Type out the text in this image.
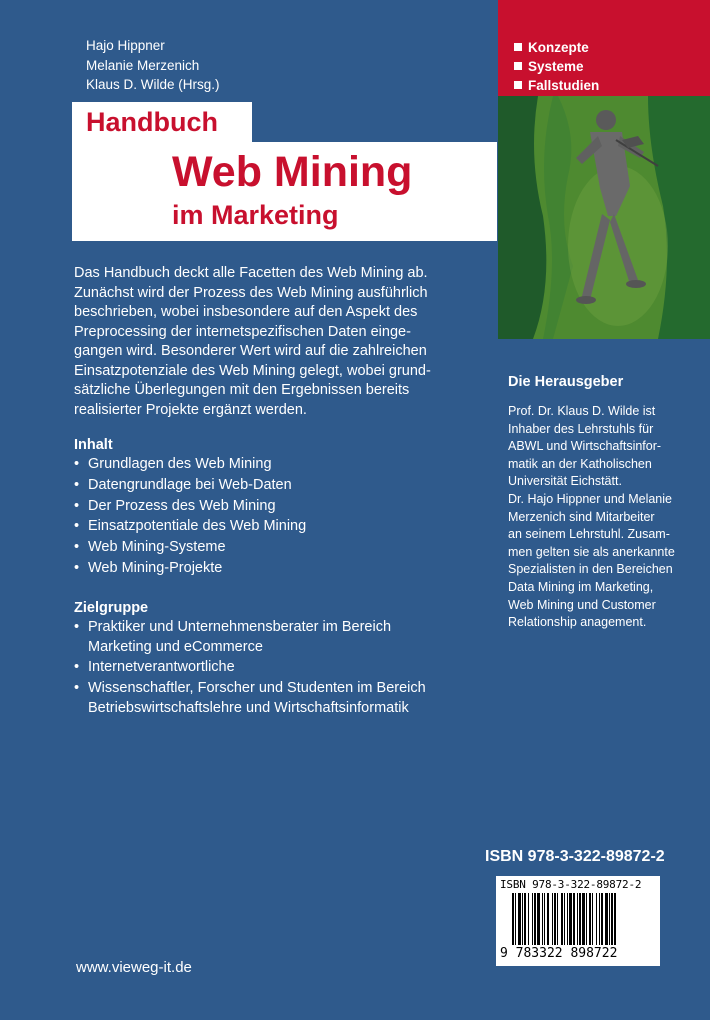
Hajo Hippner
Melanie Merzenich
Klaus D. Wilde (Hrsg.)
Handbuch
Web Mining
im Marketing
Konzepte
Systeme
Fallstudien
Das Handbuch deckt alle Facetten des Web Mining ab.
Zunächst wird der Prozess des Web Mining ausführlich
beschrieben, wobei insbesondere auf den Aspekt des
Preprocessing der internetspezifischen Daten einge-
gangen wird. Besonderer Wert wird auf die zahlreichen
Einsatzpotenziale des Web Mining gelegt, wobei grund-
sätzliche Überlegungen mit den Ergebnissen bereits
realisierter Projekte ergänzt werden.
Inhalt
• Grundlagen des Web Mining
• Datengrundlage bei Web-Daten
• Der Prozess des Web Mining
• Einsatzpotentiale des Web Mining
• Web Mining-Systeme
• Web Mining-Projekte
Zielgruppe
• Praktiker und Unternehmensberater im Bereich
Marketing und eCommerce
• Internetverantwortliche
• Wissenschaftler, Forscher und Studenten im Bereich
Betriebswirtschaftslehre und Wirtschaftsinformatik
Die Herausgeber
Prof. Dr. Klaus D. Wilde ist
Inhaber des Lehrstuhls für
ABWL und Wirtschaftsinfor-
matik an der Katholischen
Universität Eichstätt.
Dr. Hajo Hippner und Melanie
Merzenich sind Mitarbeiter
an seinem Lehrstuhl. Zusam-
men gelten sie als anerkannte
Spezialisten in den Bereichen
Data Mining im Marketing,
Web Mining und Customer
Relationship anagement.
ISBN 978-3-322-89872-2
ISBN 978-3-322-89872-2
9 783322 898722
www.vieweg-it.de
